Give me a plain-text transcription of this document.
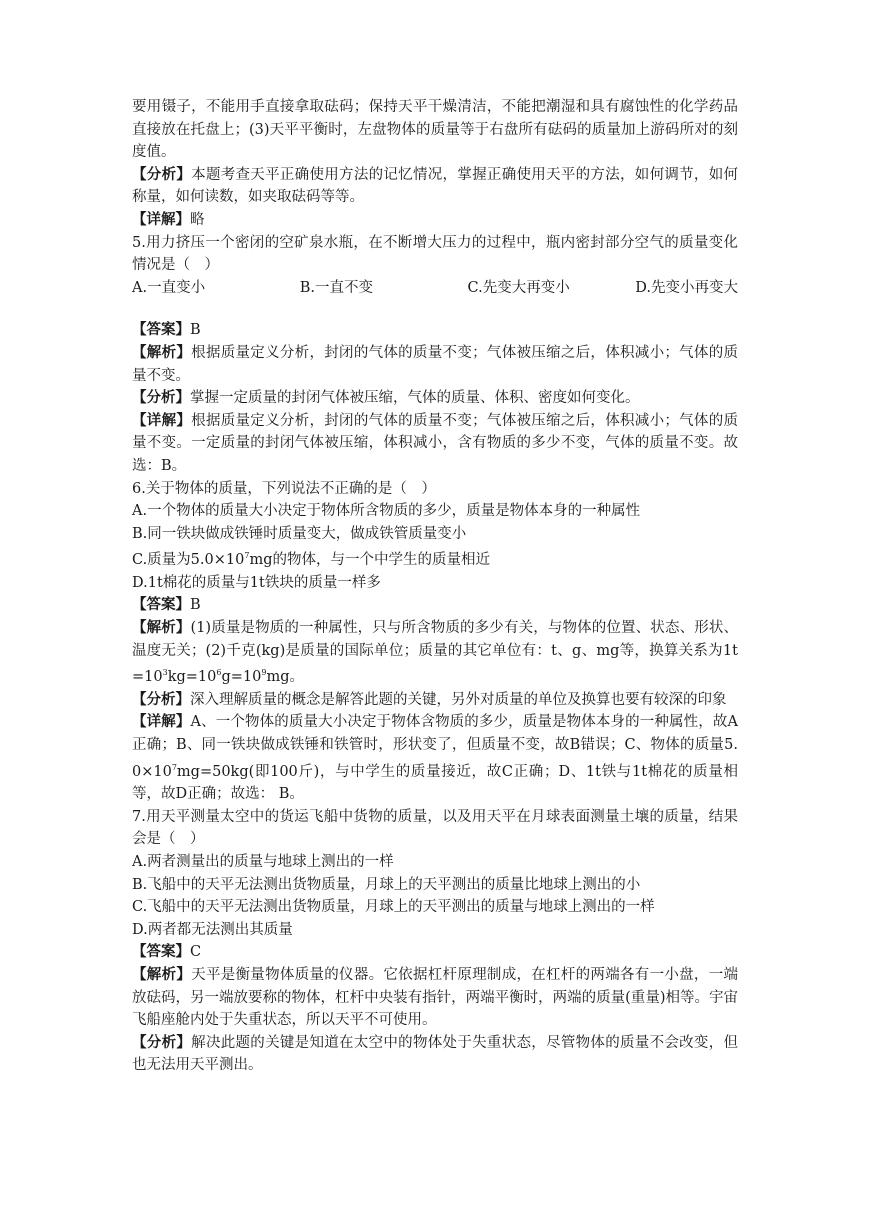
要用镊子，不能用手直接拿取砝码；保持天平干燥清洁，不能把潮湿和具有腐蚀性的化学药品直接放在托盘上；(3)天平平衡时，左盘物体的质量等于右盘所有砝码的质量加上游码所对的刻度值。

【分析】本题考查天平正确使用方法的记忆情况，掌握正确使用天平的方法，如何调节，如何称量，如何读数，如夹取砝码等等。

【详解】略

5.用力挤压一个密闭的空矿泉水瓶，在不断增大压力的过程中，瓶内密封部分空气的质量变化情况是（　）

A.一直变小	B.一直不变	C.先变大再变小	D.先变小再变大

【答案】B

【解析】根据质量定义分析，封闭的气体的质量不变；气体被压缩之后，体积减小；气体的质量不变。

【分析】掌握一定质量的封闭气体被压缩，气体的质量、体积、密度如何变化。

【详解】根据质量定义分析，封闭的气体的质量不变；气体被压缩之后，体积减小；气体的质量不变。一定质量的封闭气体被压缩，体积减小，含有物质的多少不变，气体的质量不变。故选：B。

6.关于物体的质量，下列说法不正确的是（　）

A.一个物体的质量大小决定于物体所含物质的多少，质量是物体本身的一种属性

B.同一铁块做成铁锤时质量变大，做成铁管质量变小

C.质量为$5.0\times 10^7mg$的物体，与一个中学生的质量相近

D.1t棉花的质量与1t铁块的质量一样多

【答案】B

【解析】(1)质量是物质的一种属性，只与所含物质的多少有关，与物体的位置、状态、形状、温度无关；(2)千克(kg)是质量的国际单位；质量的其它单位有：t、g、mg等，换算关系为$1t=10^3kg=10^6g=10^9mg$。

【分析】深入理解质量的概念是解答此题的关键，另外对质量的单位及换算也要有较深的印象

【详解】A、一个物体的质量大小决定于物体含物质的多少，质量是物体本身的一种属性，故A正确；B、同一铁块做成铁锤和铁管时，形状变了，但质量不变，故B错误；C、物体的质量$5.0\times 10^7mg=50kg$(即100斤)，与中学生的质量接近，故C正确；D、1t铁与1t棉花的质量相等，故D正确；故选： B。

7.用天平测量太空中的货运飞船中货物的质量，以及用天平在月球表面测量土壤的质量，结果会是（　）

A.两者测量出的质量与地球上测出的一样

B.飞船中的天平无法测出货物质量，月球上的天平测出的质量比地球上测出的小

C.飞船中的天平无法测出货物质量，月球上的天平测出的质量与地球上测出的一样

D.两者都无法测出其质量

【答案】C

【解析】天平是衡量物体质量的仪器。它依据杠杆原理制成，在杠杆的两端各有一小盘，一端放砝码，另一端放要称的物体，杠杆中央装有指针，两端平衡时，两端的质量(重量)相等。宇宙飞船座舱内处于失重状态，所以天平不可使用。

【分析】解决此题的关键是知道在太空中的物体处于失重状态，尽管物体的质量不会改变，但也无法用天平测出。
